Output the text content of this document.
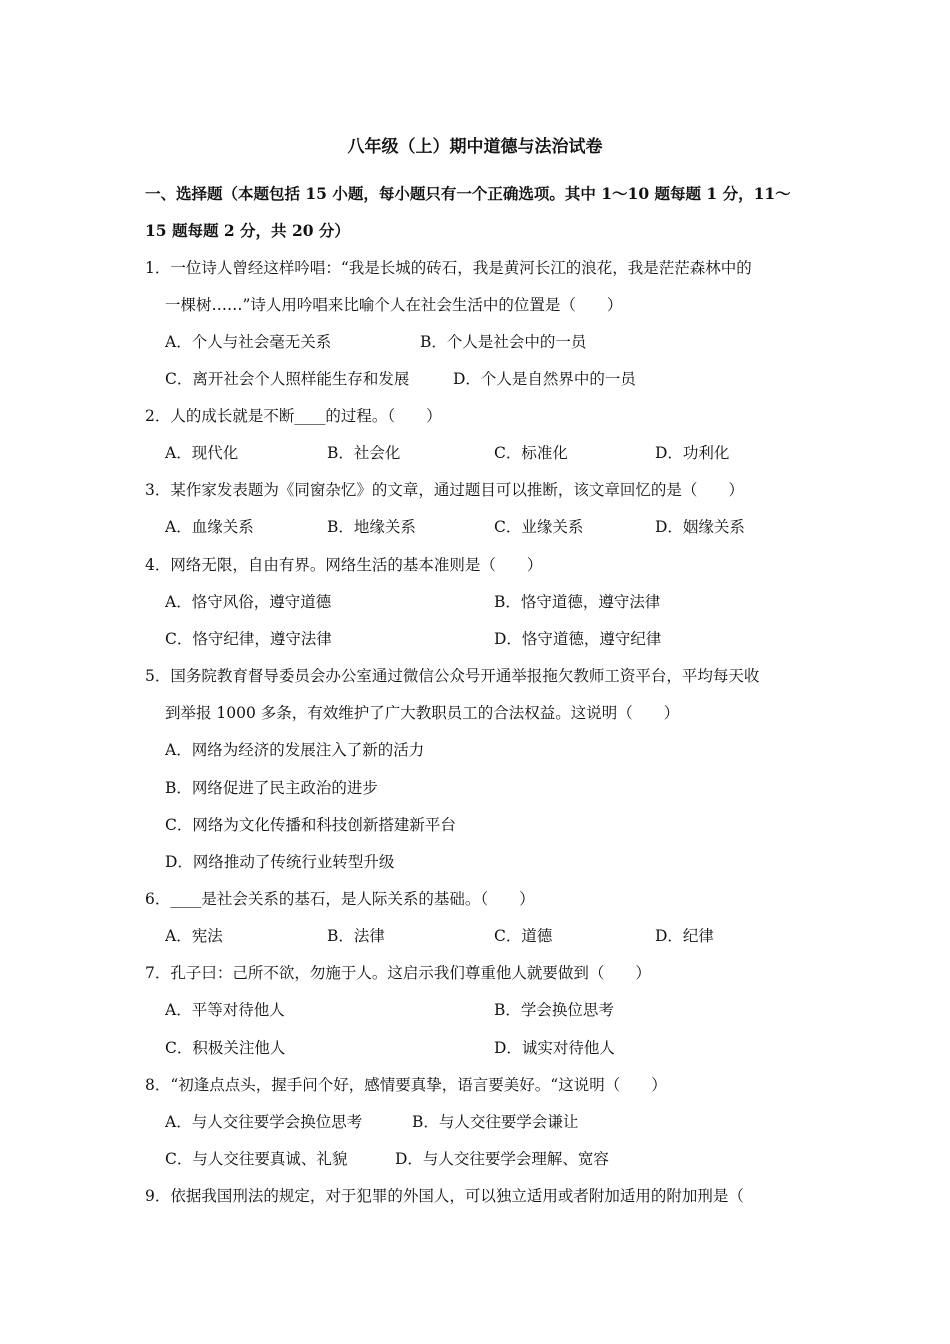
八年级（上）期中道德与法治试卷
一、选择题（本题包括 15 小题，每小题只有一个正确选项。其中 1～10 题每题 1 分，11～
15 题每题 2 分，共 20 分）
1．一位诗人曾经这样吟唱：“我是长城的砖石，我是黄河长江的浪花，我是茫茫森林中的
一棵树……”诗人用吟唱来比喻个人在社会生活中的位置是（　　）
A．个人与社会毫无关系	B．个人是社会中的一员
C．离开社会个人照样能生存和发展	D．个人是自然界中的一员
2．人的成长就是不断____的过程。（　　）
A．现代化	B．社会化	C．标准化	D．功利化
3．某作家发表题为《同窗杂忆》的文章，通过题目可以推断，该文章回忆的是（　　）
A．血缘关系	B．地缘关系	C．业缘关系	D．姻缘关系
4．网络无限，自由有界。网络生活的基本准则是（　　）
A．恪守风俗，遵守道德	B．恪守道德，遵守法律
C．恪守纪律，遵守法律	D．恪守道德，遵守纪律
5．国务院教育督导委员会办公室通过微信公众号开通举报拖欠教师工资平台，平均每天收
到举报 1000 多条，有效维护了广大教职员工的合法权益。这说明（　　）
A．网络为经济的发展注入了新的活力
B．网络促进了民主政治的进步
C．网络为文化传播和科技创新搭建新平台
D．网络推动了传统行业转型升级
6．____是社会关系的基石，是人际关系的基础。（　　）
A．宪法	B．法律	C．道德	D．纪律
7．孔子曰：己所不欲，勿施于人。这启示我们尊重他人就要做到（　　）
A．平等对待他人	B．学会换位思考
C．积极关注他人	D．诚实对待他人
8．“初逢点点头，握手问个好，感情要真挚，语言要美好。“这说明（　　）
A．与人交往要学会换位思考	B．与人交往要学会谦让
C．与人交往要真诚、礼貌	D．与人交往要学会理解、宽容
9．依据我国刑法的规定，对于犯罪的外国人，可以独立适用或者附加适用的附加刑是（
